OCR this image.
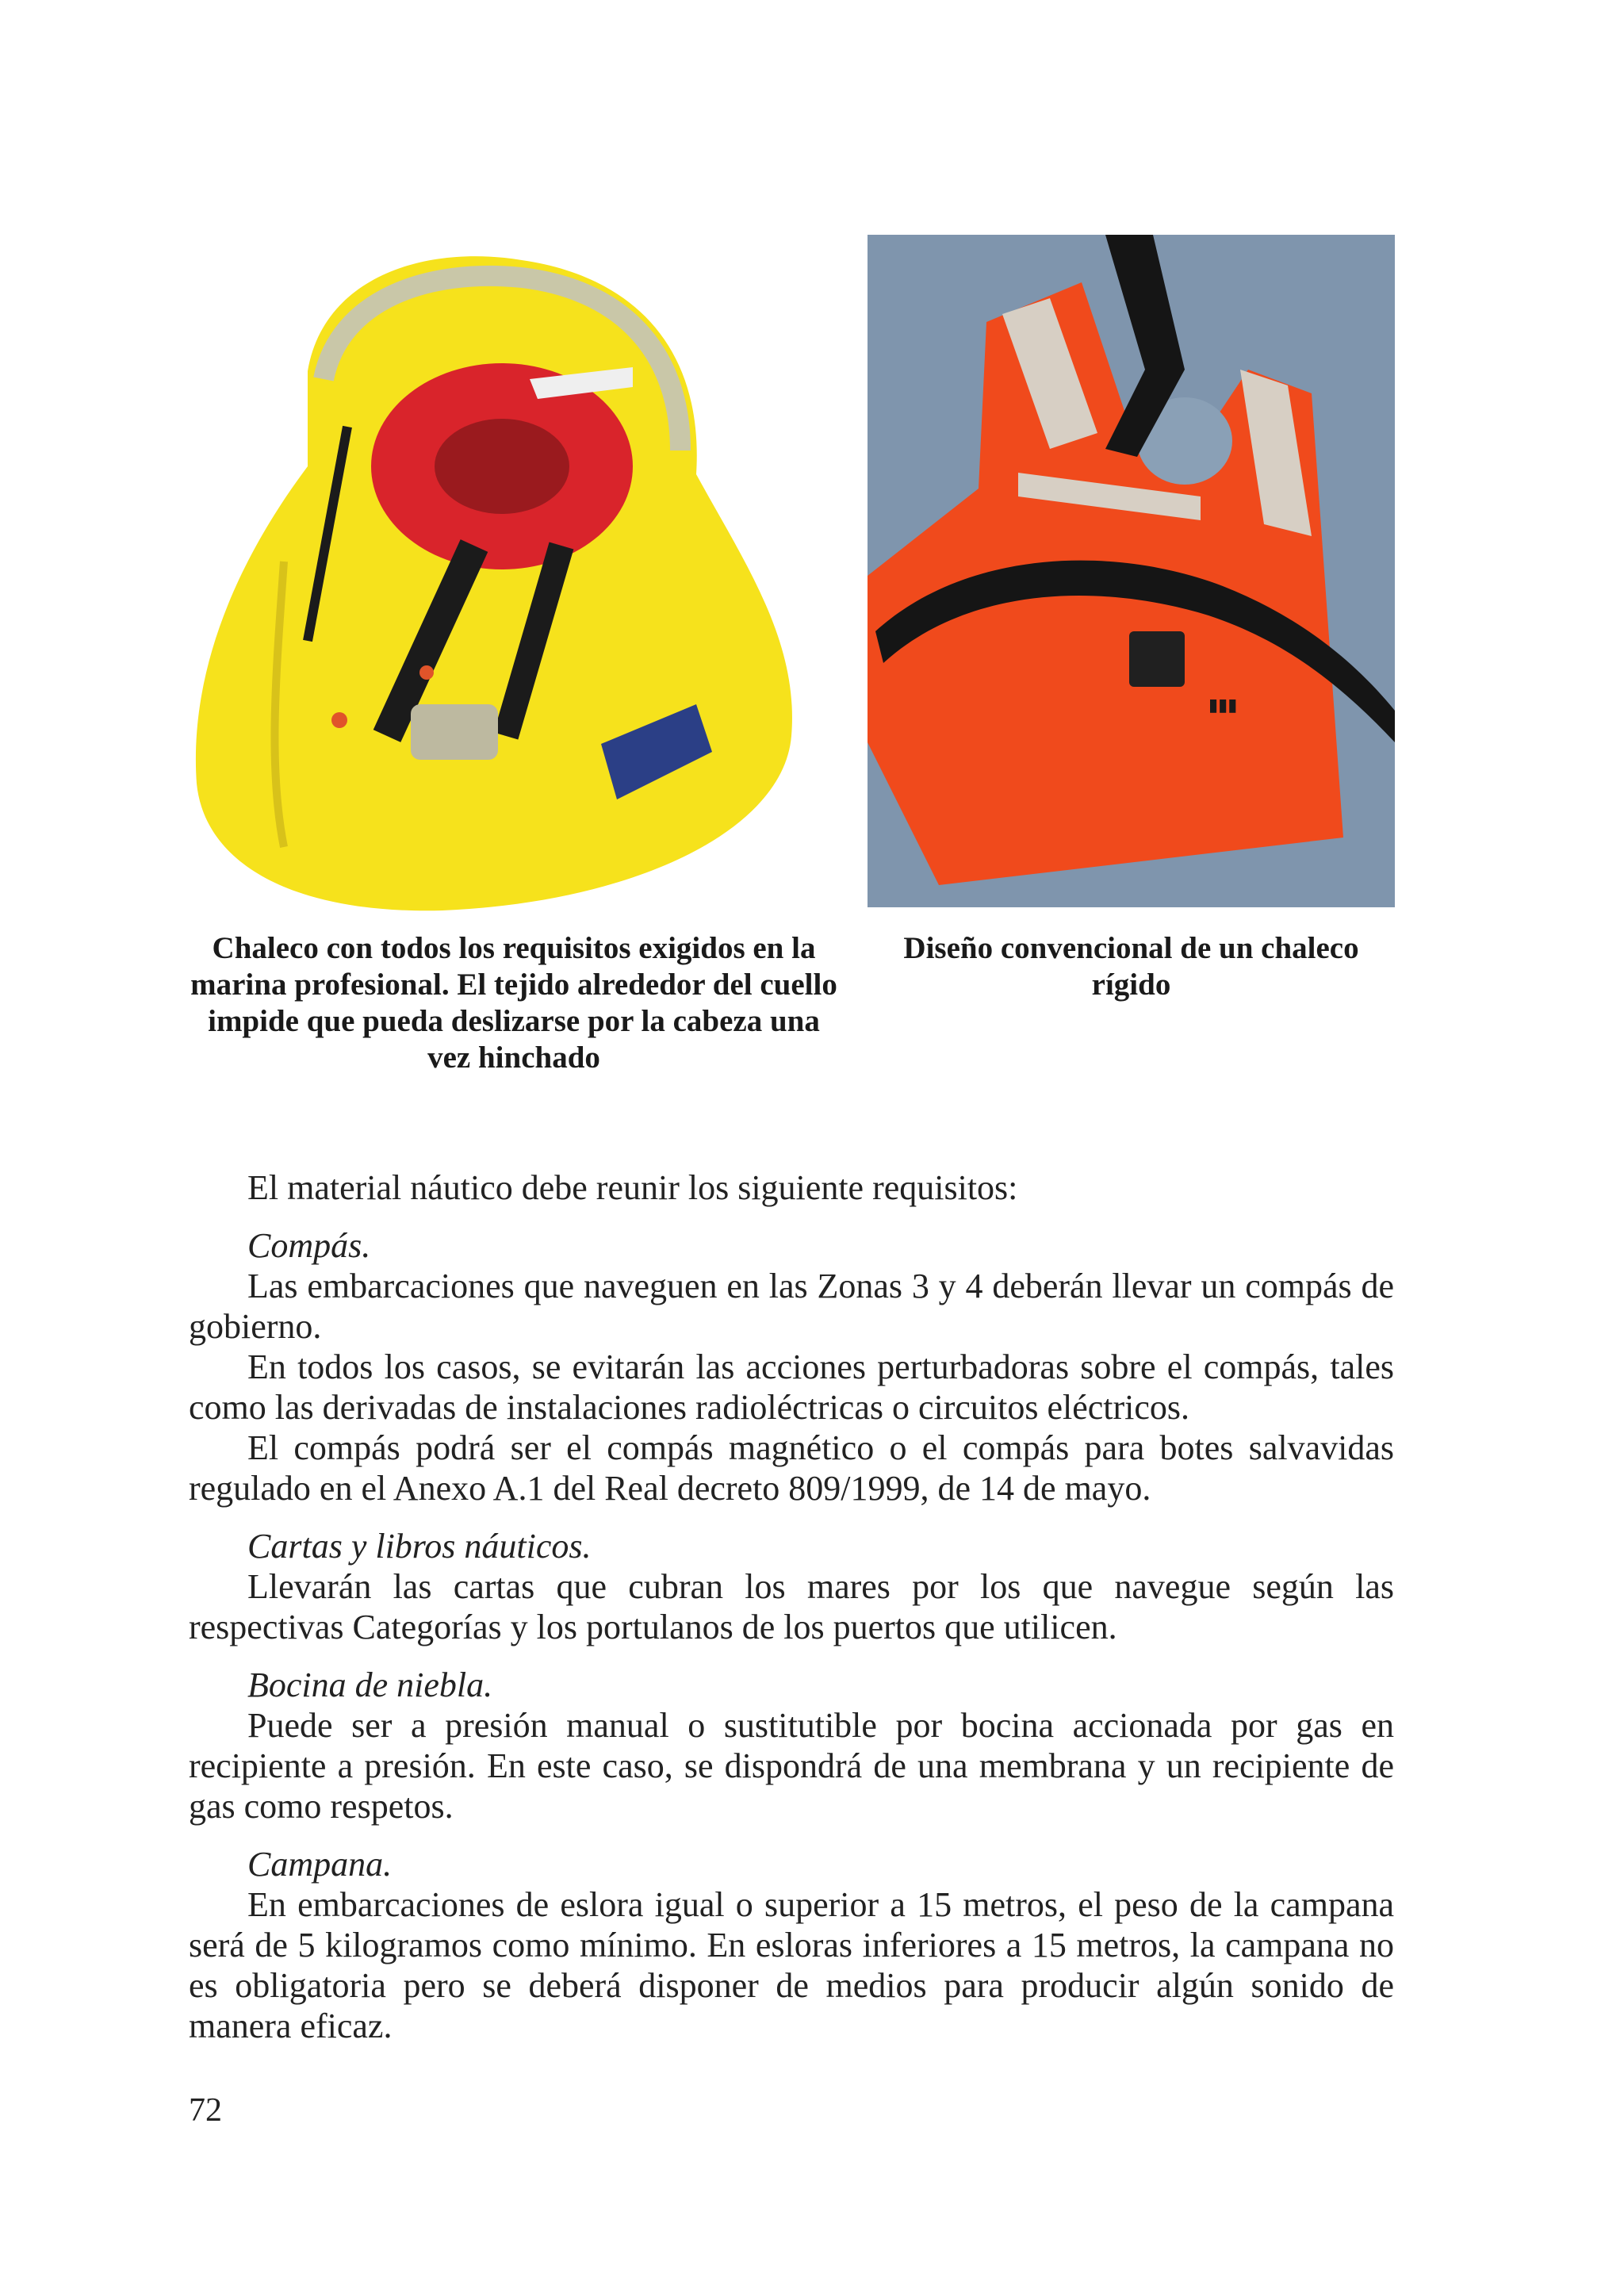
▮▮▮

Chaleco con todos los requisitos exigidos en la marina profesional. El tejido alrededor del cuello impide que pueda deslizarse por la cabeza una vez hinchado

Diseño convencional de un chaleco rígido

El material náutico debe reunir los siguiente requisitos:

Compás.

Las embarcaciones que naveguen en las Zonas 3 y 4 deberán llevar un compás de gobierno.

En todos los casos, se evitarán las acciones perturbadoras sobre el compás, tales como las derivadas de instalaciones radioléctricas o circuitos eléctricos.

El compás podrá ser el compás magnético o el compás para botes salvavidas regulado en el Anexo A.1 del Real decreto 809/1999, de 14 de mayo.

Cartas y libros náuticos.

Llevarán las cartas que cubran los mares por los que navegue según las respectivas Categorías y los portulanos de los puertos que utilicen.

Bocina de niebla.

Puede ser a presión manual o sustitutible por bocina accionada por gas en recipiente a presión. En este caso, se dispondrá de una membrana y un recipiente de gas como respetos.

Campana.

En embarcaciones de eslora igual o superior a 15 metros, el peso de la campana será de 5 kilogramos como mínimo. En esloras inferiores a 15 metros, la campana no es obligatoria pero se deberá disponer de medios para producir algún sonido de manera eficaz.

72
